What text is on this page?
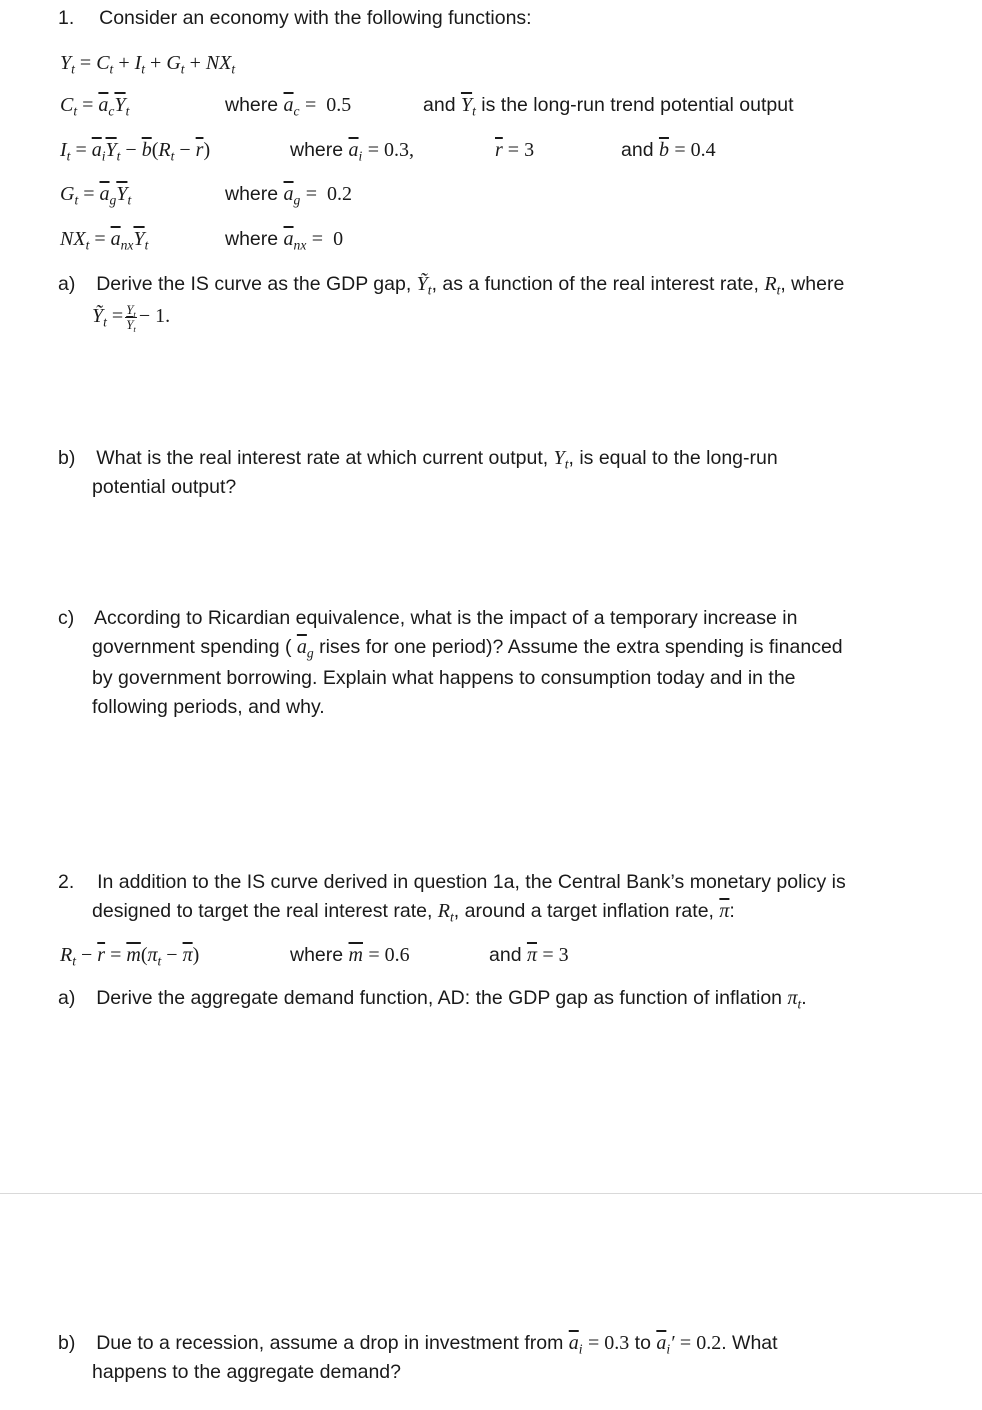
1. Consider an economy with the following functions:
$Y_t = C_t + I_t + G_t + NX_t$
$C_t = \overline{a}_c\overline{Y}_t$	where $\overline{a}_c = 0.5$	and $\overline{Y}_t$ is the long-run trend potential output
$I_t = \overline{a}_i\overline{Y}_t - \overline{b}(R_t - \overline{r})$	where $\overline{a}_i = 0.3$,	$\overline{r} = 3$	and $\overline{b} = 0.4$
$G_t = \overline{a}_g\overline{Y}_t$	where $\overline{a}_g = 0.2$
$NX_t = \overline{a}_{nx}\overline{Y}_t$	where $\overline{a}_{nx} = 0$
a)  Derive the IS curve as the GDP gap, Ỹ$_t$, as a function of the real interest rate, $R_t$, where
Ỹ$_t$ = $\frac{Y_t}{\overline{Y}_t} - 1$.
b)  What is the real interest rate at which current output, $Y_t$, is equal to the long-run
potential output?
c) According to Ricardian equivalence, what is the impact of a temporary increase in
government spending ( $\overline{a}_g$ rises for one period)? Assume the extra spending is financed
by government borrowing. Explain what happens to consumption today and in the
following periods, and why.
2. In addition to the IS curve derived in question 1a, the Central Bank’s monetary policy is
designed to target the real interest rate, $R_t$, around a target inflation rate, $\overline{\pi}$:
$R_t - \overline{r} = \overline{m}(\pi_t - \overline{\pi})$	where $\overline{m} = 0.6$	and $\overline{\pi} = 3$
a)  Derive the aggregate demand function, AD: the GDP gap as function of inflation $\pi_t$.
b)  Due to a recession, assume a drop in investment from $\overline{a}_i = 0.3$ to $\overline{a}_i' = 0.2$. What
happens to the aggregate demand?
